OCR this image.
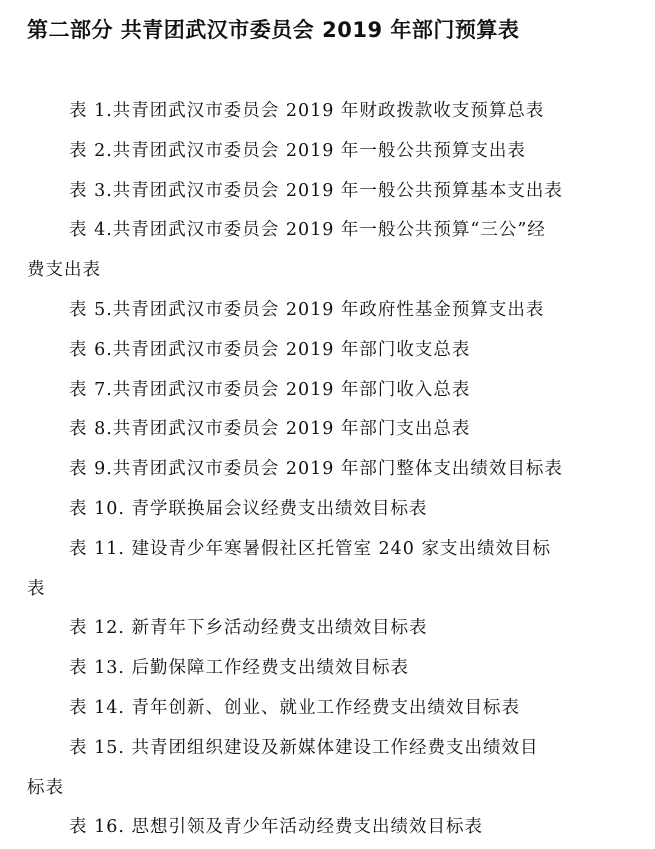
第二部分 共青团武汉市委员会 2019 年部门预算表
表 1.共青团武汉市委员会 2019 年财政拨款收支预算总表
表 2.共青团武汉市委员会 2019 年一般公共预算支出表
表 3.共青团武汉市委员会 2019 年一般公共预算基本支出表
表 4.共青团武汉市委员会 2019 年一般公共预算“三公”经
费支出表
表 5.共青团武汉市委员会 2019 年政府性基金预算支出表
表 6.共青团武汉市委员会 2019 年部门收支总表
表 7.共青团武汉市委员会 2019 年部门收入总表
表 8.共青团武汉市委员会 2019 年部门支出总表
表 9.共青团武汉市委员会 2019 年部门整体支出绩效目标表
表 10. 青学联换届会议经费支出绩效目标表
表 11. 建设青少年寒暑假社区托管室 240 家支出绩效目标
表
表 12. 新青年下乡活动经费支出绩效目标表
表 13. 后勤保障工作经费支出绩效目标表
表 14. 青年创新、创业、就业工作经费支出绩效目标表
表 15. 共青团组织建设及新媒体建设工作经费支出绩效目
标表
表 16. 思想引领及青少年活动经费支出绩效目标表
